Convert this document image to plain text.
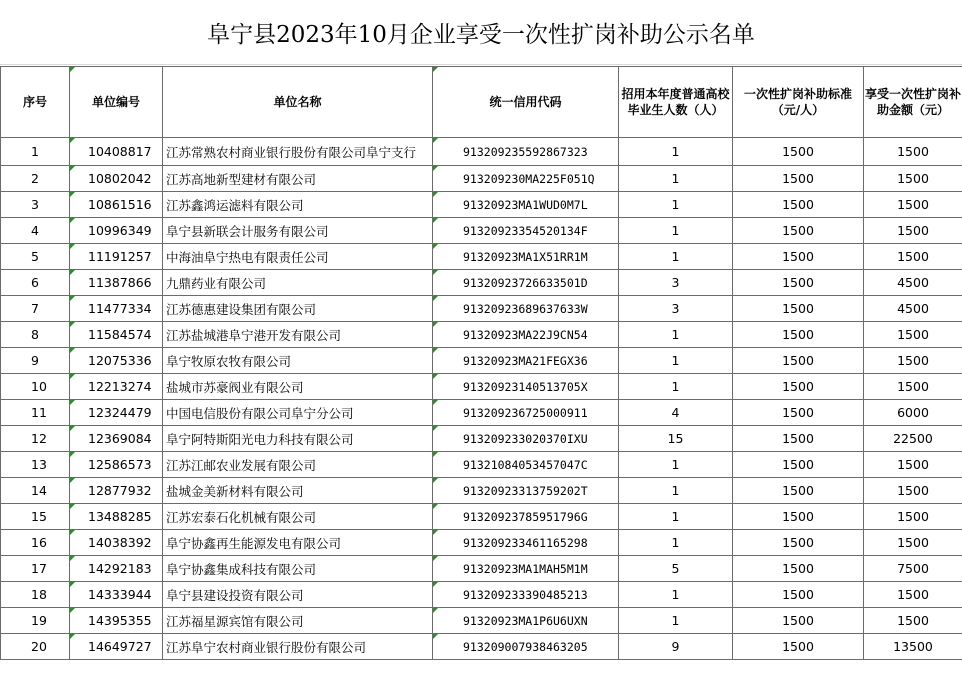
阜宁县2023年10月企业享受一次性扩岗补助公示名单
序号	单位编号	单位名称	统一信用代码	招用本年度普通高校毕业生人数（人）	一次性扩岗补助标准（元/人）	享受一次性扩岗补助金额（元）
1	10408817	江苏常熟农村商业银行股份有限公司阜宁支行	91320923559286732З	1	1500	1500
2	10802042	江苏高地新型建材有限公司	913209230MA225F051Q	1	1500	1500
3	10861516	江苏鑫鸿运滤料有限公司	91320923MA1WUD0M7L	1	1500	1500
4	10996349	阜宁县新联会计服务有限公司	913209233545201З4F	1	1500	1500
5	11191257	中海油阜宁热电有限责任公司	91320923MA1X51RR1M	1	1500	1500
6	11387866	九鼎药业有限公司	91320923726633501D	3	1500	4500
7	11477334	江苏德惠建设集团有限公司	91320923689637633W	3	1500	4500
8	11584574	江苏盐城港阜宁港开发有限公司	91320923MA22J9CN54	1	1500	1500
9	12075336	阜宁牧原农牧有限公司	91320923MA21FEGX36	1	1500	1500
10	12213274	盐城市苏豪阀业有限公司	91320923140513705X	1	1500	1500
11	12324479	中国电信股份有限公司阜宁分公司	913209236725000911	4	1500	6000
12	12369084	阜宁阿特斯阳光电力科技有限公司	913209233020370IXU	15	1500	22500
13	12586573	江苏江邮农业发展有限公司	91321084053457047C	1	1500	1500
14	12877932	盐城金美新材料有限公司	91320923313759202T	1	1500	1500
15	13488285	江苏宏泰石化机械有限公司	91320923785951796G	1	1500	1500
16	14038392	阜宁协鑫再生能源发电有限公司	913209233461165298	1	1500	1500
17	14292183	阜宁协鑫集成科技有限公司	91320923MA1MAH5M1M	5	1500	7500
18	14333944	阜宁县建设投资有限公司	913209233390485213	1	1500	1500
19	14395355	江苏福星源宾馆有限公司	91320923MA1P6U6UXN	1	1500	1500
20	14649727	江苏阜宁农村商业银行股份有限公司	913209007938463205	9	1500	13500
